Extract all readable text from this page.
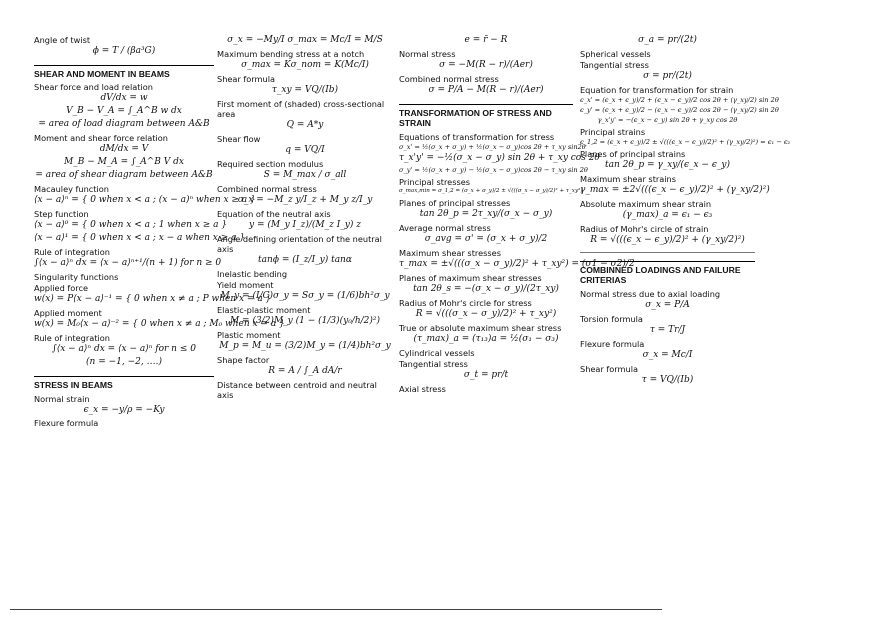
Angle of twist
ϕ = T / (βa³G)
SHEAR AND MOMENT IN BEAMS
Shear force and load relation
dV/dx = w
V_B − V_A = ∫_A^B w dx
= area of load diagram between A&B
Moment and shear force relation
dM/dx = V
M_B − M_A = ∫_A^B V dx
= area of shear diagram between A&B
Macauley function
⟨x − a⟩ⁿ = { 0 when x < a ; (x − a)ⁿ when x ≥ a }
Step function
⟨x − a⟩⁰ = { 0 when x < a ; 1 when x ≥ a }
⟨x − a⟩¹ = { 0 when x < a ; x − a when x ≥ a }
Rule of integration
∫⟨x − a⟩ⁿ dx = ⟨x − a⟩ⁿ⁺¹/(n + 1) for n ≥ 0
Singularity functions
Applied force
w(x) = P⟨x − a⟩⁻¹ = { 0 when x ≠ a ; P when x = a }
Applied moment
w(x) = M₀⟨x − a⟩⁻² = { 0 when x ≠ a ; M₀ when x = a }
Rule of integration
∫⟨x − a⟩ⁿ dx = ⟨x − a⟩ⁿ for n ≤ 0
(n = −1, −2, ….)
STRESS IN BEAMS
Normal strain
ϵ_x = −y/ρ = −Ky
Flexure formula
σ_x = −My/I σ_max = Mc/I = M/S
Maximum bending stress at a notch
σ_max = Kσ_nom = K(Mc/I)
Shear formula
τ_xy = VQ/(Ib)
First moment of (shaded) cross-sectional area
Q = A*y
Shear flow
q = VQ/I
Required section modulus
S = M_max / σ_all
Combined normal stress
σ_x = −M_z y/I_z + M_y z/I_y
Equation of the neutral axis
y = (M_y I_z)/(M_z I_y) z
Angle defining orientation of the neutral axis
tanϕ = (I_z/I_y) tanα
Inelastic bending
Yield moment
M_y = (I/C)σ_y = Sσ_y = (1/6)bh²σ_y
Elastic-plastic moment
M = (3/2)M_y (1 − (1/3)(y₀/h/2)²)
Plastic moment
M_p = M_u = (3/2)M_y = (1/4)bh²σ_y
Shape factor
R = A / ∫_A dA/r
Distance between centroid and neutral axis
e = r̄ − R
Normal stress
σ = −M(R − r)/(Aer)
Combined normal stress
σ = P/A − M(R − r)/(Aer)
TRANSFORMATION OF STRESS AND STRAIN
Equations of transformation for stress
σ_x' = ½(σ_x + σ_y) + ½(σ_x − σ_y)cos 2θ + τ_xy sin2θ
τ_x'y' = −½(σ_x − σ_y) sin 2θ + τ_xy cos 2θ
σ_y' = ½(σ_x + σ_y) − ½(σ_x − σ_y)cos 2θ − τ_xy sin 2θ
Principal stresses
σ_max,min = σ_1,2 = (σ_x + σ_y)/2 ± √(((σ_x − σ_y)/2)² + τ_xy²)
Planes of principal stresses
tan 2θ_p = 2τ_xy/(σ_x − σ_y)
Average normal stress
σ_avg = σ' = (σ_x + σ_y)/2
Maximum shear stresses
τ_max = ±√(((σ_x − σ_y)/2)² + τ_xy²) = (σ1 − σ2)/2
Planes of maximum shear stresses
tan 2θ_s = −(σ_x − σ_y)/(2τ_xy)
Radius of Mohr's circle for stress
R = √(((σ_x − σ_y)/2)² + τ_xy²)
True or absolute maximum shear stress
(τ_max)_a = (τ₁₃)a = ½(σ₁ − σ₃)
Cylindrical vessels
Tangential stress
σ_t = pr/t
Axial stress
σ_a = pr/(2t)
Spherical vessels
Tangential stress
σ = pr/(2t)
Equation for transformation for strain
ϵ_x' = (ϵ_x + ϵ_y)/2 + (ϵ_x − ϵ_y)/2 cos 2θ + (γ_xy/2) sin 2θ
ϵ_y' = (ϵ_x + ϵ_y)/2 − (ϵ_x − ϵ_y)/2 cos 2θ − (γ_xy/2) sin 2θ
γ_x'y' = −(ϵ_x − ϵ_y) sin 2θ + γ_xy cos 2θ
Principal strains
ϵ_1,2 = (ϵ_x + ϵ_y)/2 ± √(((ϵ_x − ϵ_y)/2)² + (γ_xy/2)²) = ϵ₁ − ϵ₂
Planes of principal strains
tan 2θ_p = γ_xy/(ϵ_x − ϵ_y)
Maximum shear strains
γ_max = ±2√(((ϵ_x − ϵ_y)/2)² + (γ_xy/2)²)
Absolute maximum shear strain
(γ_max)_a = ϵ₁ − ϵ₃
Radius of Mohr's circle of strain
R = √(((ϵ_x − ϵ_y)/2)² + (γ_xy/2)²)
COMBINNED LOADINGS AND FAILURE CRITERIAS
Normal stress due to axial loading
σ_x = P/A
Torsion formula
τ = Tr/J
Flexure formula
σ_x = Mc/I
Shear formula
τ = VQ/(Ib)
